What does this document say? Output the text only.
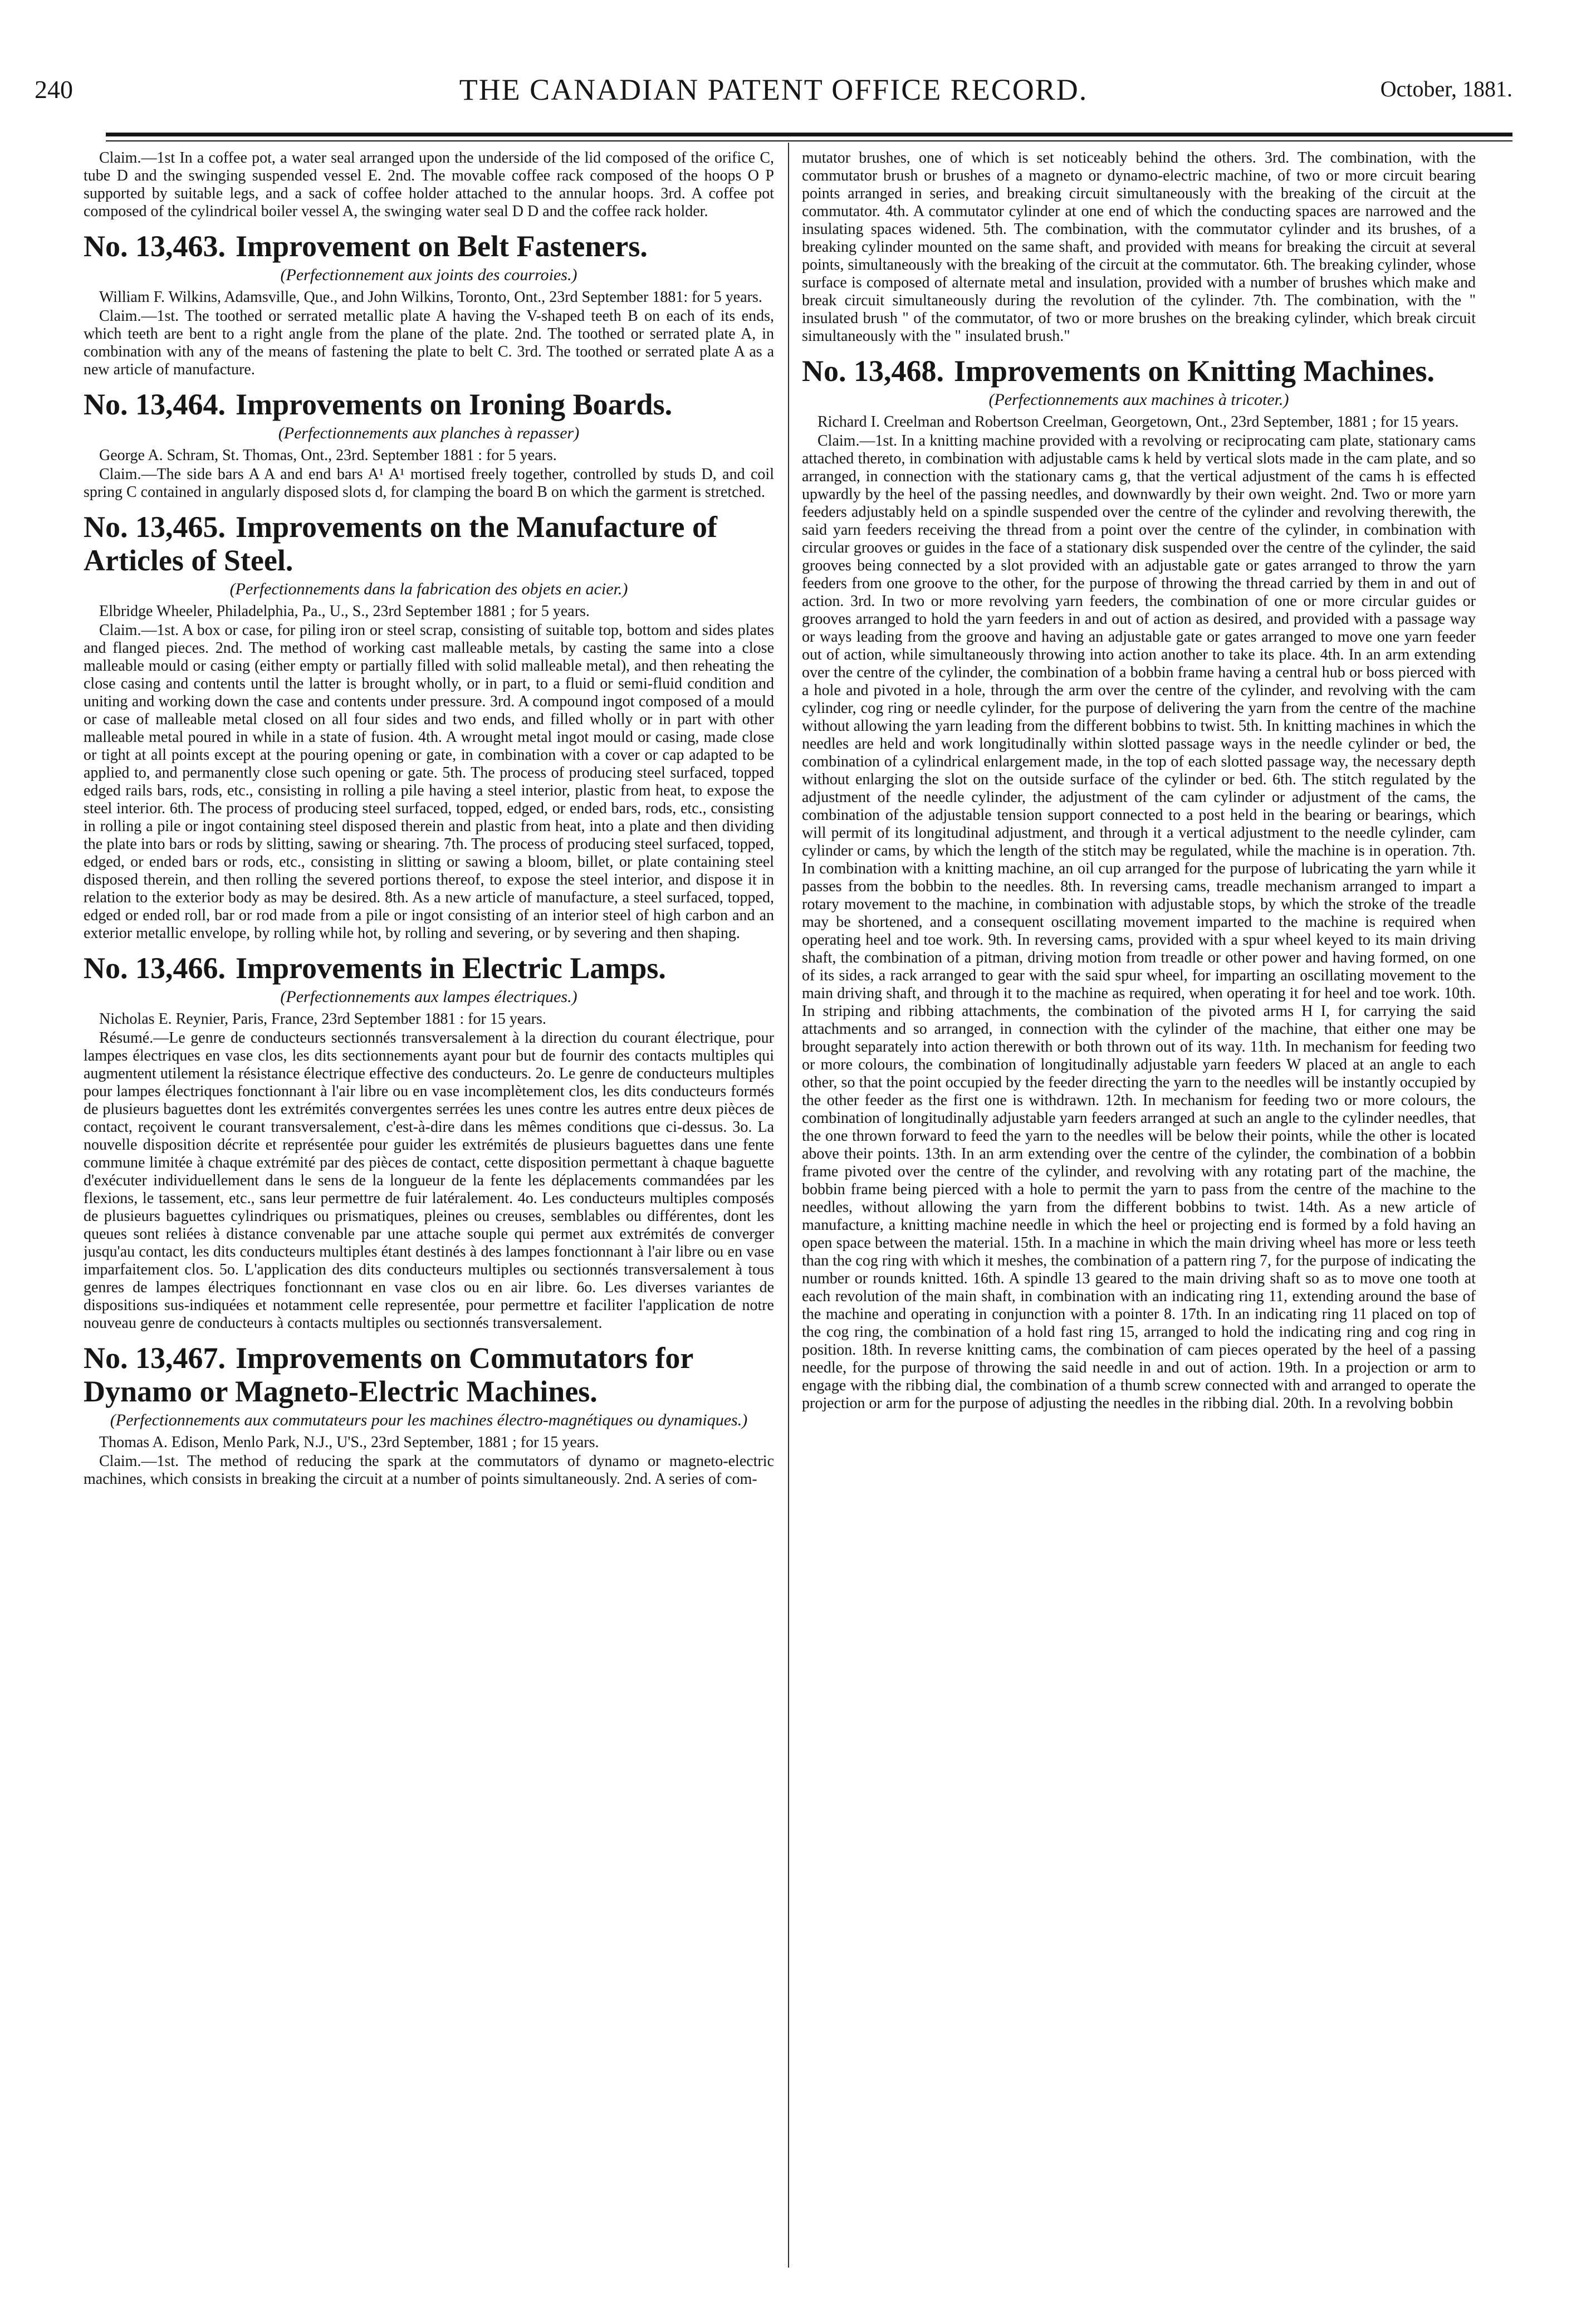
240	THE CANADIAN PATENT OFFICE RECORD.	October, 1881.

Claim.—1st In a coffee pot, a water seal arranged upon the underside of the lid composed of the orifice C, tube D and the swinging suspended vessel E. 2nd. The movable coffee rack composed of the hoops O P supported by suitable legs, and a sack of coffee holder attached to the annular hoops. 3rd. A coffee pot composed of the cylindrical boiler vessel A, the swinging water seal D D and the coffee rack holder.

No. 13,463. Improvement on Belt Fasteners.
(Perfectionnement aux joints des courroies.)

William F. Wilkins, Adamsville, Que., and John Wilkins, Toronto, Ont., 23rd September 1881: for 5 years.

Claim.—1st. The toothed or serrated metallic plate A having the V-shaped teeth B on each of its ends, which teeth are bent to a right angle from the plane of the plate. 2nd. The toothed or serrated plate A, in combination with any of the means of fastening the plate to belt C. 3rd. The toothed or serrated plate A as a new article of manufacture.

No. 13,464. Improvements on Ironing Boards.
(Perfectionnements aux planches à repasser)

George A. Schram, St. Thomas, Ont., 23rd. September 1881 : for 5 years.

Claim.—The side bars A A and end bars A¹ A¹ mortised freely together, controlled by studs D, and coil spring C contained in angularly disposed slots d, for clamping the board B on which the garment is stretched.

No. 13,465. Improvements on the Manufacture of Articles of Steel.
(Perfectionnements dans la fabrication des objets en acier.)

Elbridge Wheeler, Philadelphia, Pa., U., S., 23rd September 1881 ; for 5 years.

Claim.—1st. A box or case, for piling iron or steel scrap, consisting of suitable top, bottom and sides plates and flanged pieces. 2nd. The method of working cast malleable metals, by casting the same into a close malleable mould or casing (either empty or partially filled with solid malleable metal), and then reheating the close casing and contents until the latter is brought wholly, or in part, to a fluid or semi-fluid condition and uniting and working down the case and contents under pressure. 3rd. A compound ingot composed of a mould or case of malleable metal closed on all four sides and two ends, and filled wholly or in part with other malleable metal poured in while in a state of fusion. 4th. A wrought metal ingot mould or casing, made close or tight at all points except at the pouring opening or gate, in combination with a cover or cap adapted to be applied to, and permanently close such opening or gate. 5th. The process of producing steel surfaced, topped edged rails bars, rods, etc., consisting in rolling a pile having a steel interior, plastic from heat, to expose the steel interior. 6th. The process of producing steel surfaced, topped, edged, or ended bars, rods, etc., consisting in rolling a pile or ingot containing steel disposed therein and plastic from heat, into a plate and then dividing the plate into bars or rods by slitting, sawing or shearing. 7th. The process of producing steel surfaced, topped, edged, or ended bars or rods, etc., consisting in slitting or sawing a bloom, billet, or plate containing steel disposed therein, and then rolling the severed portions thereof, to expose the steel interior, and dispose it in relation to the exterior body as may be desired. 8th. As a new article of manufacture, a steel surfaced, topped, edged or ended roll, bar or rod made from a pile or ingot consisting of an interior steel of high carbon and an exterior metallic envelope, by rolling while hot, by rolling and severing, or by severing and then shaping.

No. 13,466. Improvements in Electric Lamps.
(Perfectionnements aux lampes électriques.)

Nicholas E. Reynier, Paris, France, 23rd September 1881 : for 15 years.

Résumé.—Le genre de conducteurs sectionnés transversalement à la direction du courant électrique, pour lampes électriques en vase clos, les dits sectionnements ayant pour but de fournir des contacts multiples qui augmentent utilement la résistance électrique effective des conducteurs. 2o. Le genre de conducteurs multiples pour lampes électriques fonctionnant à l'air libre ou en vase incomplètement clos, les dits conducteurs formés de plusieurs baguettes dont les extrémités convergentes serrées les unes contre les autres entre deux pièces de contact, reçoivent le courant transversalement, c'est-à-dire dans les mêmes conditions que ci-dessus. 3o. La nouvelle disposition décrite et représentée pour guider les extrémités de plusieurs baguettes dans une fente commune limitée à chaque extrémité par des pièces de contact, cette disposition permettant à chaque baguette d'exécuter individuellement dans le sens de la longueur de la fente les déplacements commandées par les flexions, le tassement, etc., sans leur permettre de fuir latéralement. 4o. Les conducteurs multiples composés de plusieurs baguettes cylindriques ou prismatiques, pleines ou creuses, semblables ou différentes, dont les queues sont reliées à distance convenable par une attache souple qui permet aux extrémités de converger jusqu'au contact, les dits conducteurs multiples étant destinés à des lampes fonctionnant à l'air libre ou en vase imparfaitement clos. 5o. L'application des dits conducteurs multiples ou sectionnés transversalement à tous genres de lampes électriques fonctionnant en vase clos ou en air libre. 6o. Les diverses variantes de dispositions sus-indiquées et notamment celle representée, pour permettre et faciliter l'application de notre nouveau genre de conducteurs à contacts multiples ou sectionnés transversalement.

No. 13,467. Improvements on Commutators for Dynamo or Magneto-Electric Machines.
(Perfectionnements aux commutateurs pour les machines électro-magnétiques ou dynamiques.)

Thomas A. Edison, Menlo Park, N.J., U'S., 23rd September, 1881 ; for 15 years.

Claim.—1st. The method of reducing the spark at the commutators of dynamo or magneto-electric machines, which consists in breaking the circuit at a number of points simultaneously. 2nd. A series of com-

mutator brushes, one of which is set noticeably behind the others. 3rd. The combination, with the commutator brush or brushes of a magneto or dynamo-electric machine, of two or more circuit bearing points arranged in series, and breaking circuit simultaneously with the breaking of the circuit at the commutator. 4th. A commutator cylinder at one end of which the conducting spaces are narrowed and the insulating spaces widened. 5th. The combination, with the commutator cylinder and its brushes, of a breaking cylinder mounted on the same shaft, and provided with means for breaking the circuit at several points, simultaneously with the breaking of the circuit at the commutator. 6th. The breaking cylinder, whose surface is composed of alternate metal and insulation, provided with a number of brushes which make and break circuit simultaneously during the revolution of the cylinder. 7th. The combination, with the " insulated brush " of the commutator, of two or more brushes on the breaking cylinder, which break circuit simultaneously with the " insulated brush."

No. 13,468. Improvements on Knitting Machines.
(Perfectionnements aux machines à tricoter.)

Richard I. Creelman and Robertson Creelman, Georgetown, Ont., 23rd September, 1881 ; for 15 years.

Claim.—1st. In a knitting machine provided with a revolving or reciprocating cam plate, stationary cams attached thereto, in combination with adjustable cams k held by vertical slots made in the cam plate, and so arranged, in connection with the stationary cams g, that the vertical adjustment of the cams h is effected upwardly by the heel of the passing needles, and downwardly by their own weight. 2nd. Two or more yarn feeders adjustably held on a spindle suspended over the centre of the cylinder and revolving therewith, the said yarn feeders receiving the thread from a point over the centre of the cylinder, in combination with circular grooves or guides in the face of a stationary disk suspended over the centre of the cylinder, the said grooves being connected by a slot provided with an adjustable gate or gates arranged to throw the yarn feeders from one groove to the other, for the purpose of throwing the thread carried by them in and out of action. 3rd. In two or more revolving yarn feeders, the combination of one or more circular guides or grooves arranged to hold the yarn feeders in and out of action as desired, and provided with a passage way or ways leading from the groove and having an adjustable gate or gates arranged to move one yarn feeder out of action, while simultaneously throwing into action another to take its place. 4th. In an arm extending over the centre of the cylinder, the combination of a bobbin frame having a central hub or boss pierced with a hole and pivoted in a hole, through the arm over the centre of the cylinder, and revolving with the cam cylinder, cog ring or needle cylinder, for the purpose of delivering the yarn from the centre of the machine without allowing the yarn leading from the different bobbins to twist. 5th. In knitting machines in which the needles are held and work longitudinally within slotted passage ways in the needle cylinder or bed, the combination of a cylindrical enlargement made, in the top of each slotted passage way, the necessary depth without enlarging the slot on the outside surface of the cylinder or bed. 6th. The stitch regulated by the adjustment of the needle cylinder, the adjustment of the cam cylinder or adjustment of the cams, the combination of the adjustable tension support connected to a post held in the bearing or bearings, which will permit of its longitudinal adjustment, and through it a vertical adjustment to the needle cylinder, cam cylinder or cams, by which the length of the stitch may be regulated, while the machine is in operation. 7th. In combination with a knitting machine, an oil cup arranged for the purpose of lubricating the yarn while it passes from the bobbin to the needles. 8th. In reversing cams, treadle mechanism arranged to impart a rotary movement to the machine, in combination with adjustable stops, by which the stroke of the treadle may be shortened, and a consequent oscillating movement imparted to the machine is required when operating heel and toe work. 9th. In reversing cams, provided with a spur wheel keyed to its main driving shaft, the combination of a pitman, driving motion from treadle or other power and having formed, on one of its sides, a rack arranged to gear with the said spur wheel, for imparting an oscillating movement to the main driving shaft, and through it to the machine as required, when operating it for heel and toe work. 10th. In striping and ribbing attachments, the combination of the pivoted arms H I, for carrying the said attachments and so arranged, in connection with the cylinder of the machine, that either one may be brought separately into action therewith or both thrown out of its way. 11th. In mechanism for feeding two or more colours, the combination of longitudinally adjustable yarn feeders W placed at an angle to each other, so that the point occupied by the feeder directing the yarn to the needles will be instantly occupied by the other feeder as the first one is withdrawn. 12th. In mechanism for feeding two or more colours, the combination of longitudinally adjustable yarn feeders arranged at such an angle to the cylinder needles, that the one thrown forward to feed the yarn to the needles will be below their points, while the other is located above their points. 13th. In an arm extending over the centre of the cylinder, the combination of a bobbin frame pivoted over the centre of the cylinder, and revolving with any rotating part of the machine, the bobbin frame being pierced with a hole to permit the yarn to pass from the centre of the machine to the needles, without allowing the yarn from the different bobbins to twist. 14th. As a new article of manufacture, a knitting machine needle in which the heel or projecting end is formed by a fold having an open space between the material. 15th. In a machine in which the main driving wheel has more or less teeth than the cog ring with which it meshes, the combination of a pattern ring 7, for the purpose of indicating the number or rounds knitted. 16th. A spindle 13 geared to the main driving shaft so as to move one tooth at each revolution of the main shaft, in combination with an indicating ring 11, extending around the base of the machine and operating in conjunction with a pointer 8. 17th. In an indicating ring 11 placed on top of the cog ring, the combination of a hold fast ring 15, arranged to hold the indicating ring and cog ring in position. 18th. In reverse knitting cams, the combination of cam pieces operated by the heel of a passing needle, for the purpose of throwing the said needle in and out of action. 19th. In a projection or arm to engage with the ribbing dial, the combination of a thumb screw connected with and arranged to operate the projection or arm for the purpose of adjusting the needles in the ribbing dial. 20th. In a revolving bobbin
